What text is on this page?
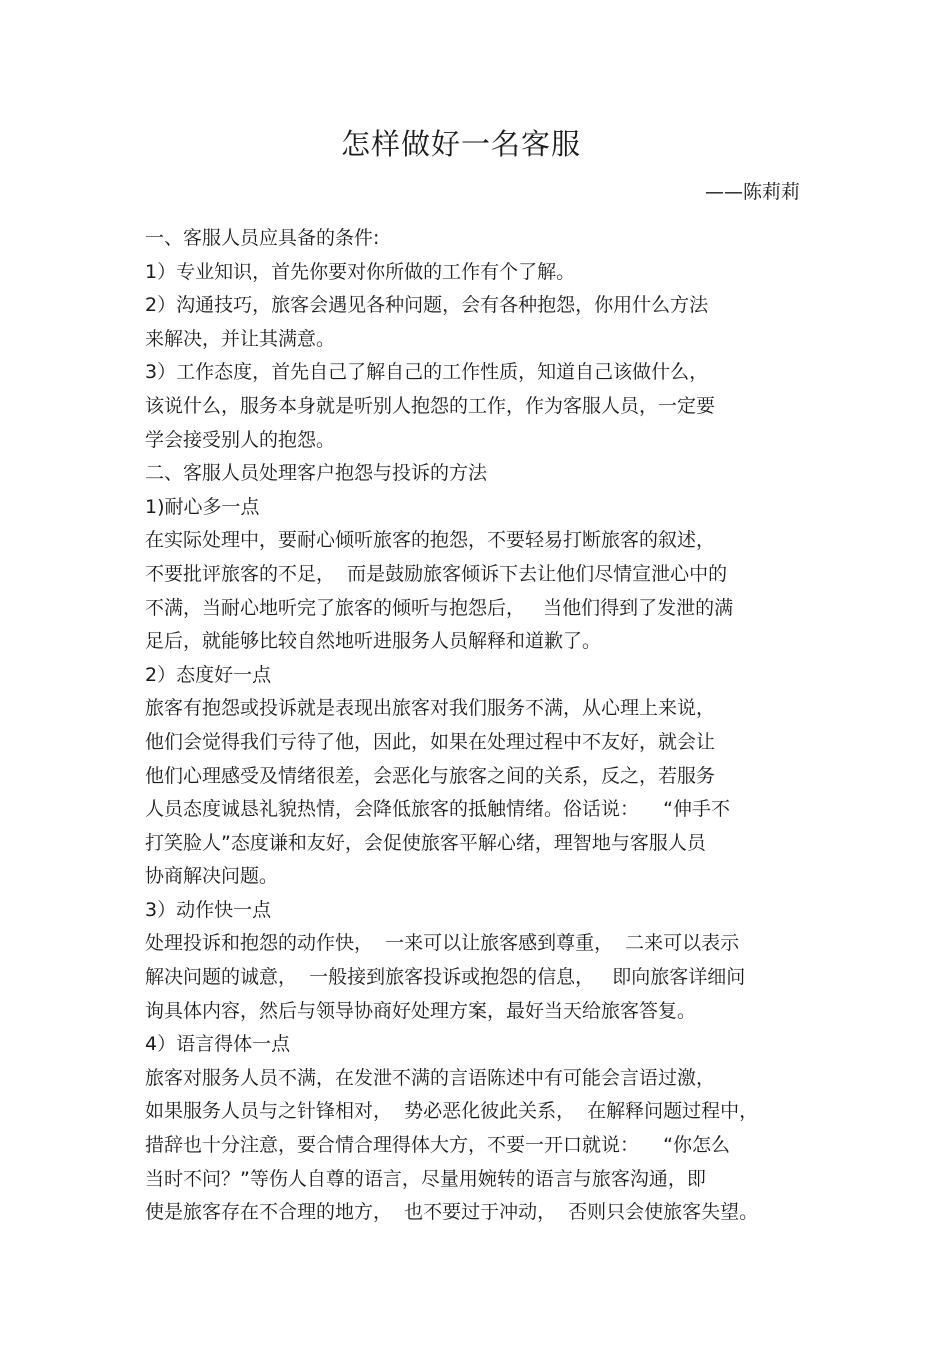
怎样做好一名客服
——陈莉莉
一、客服人员应具备的条件:
1）专业知识，首先你要对你所做的工作有个了解。
2）沟通技巧，旅客会遇见各种问题，会有各种抱怨，你用什么方法
来解决，并让其满意。
3）工作态度，首先自己了解自己的工作性质，知道自己该做什么，
该说什么，服务本身就是听别人抱怨的工作，作为客服人员，一定要
学会接受别人的抱怨。
二、客服人员处理客户抱怨与投诉的方法
1)耐心多一点
在实际处理中，要耐心倾听旅客的抱怨，不要轻易打断旅客的叙述，
不要批评旅客的不足，  而是鼓励旅客倾诉下去让他们尽情宣泄心中的
不满，当耐心地听完了旅客的倾听与抱怨后，   当他们得到了发泄的满
足后，就能够比较自然地听进服务人员解释和道歉了。
2）态度好一点
旅客有抱怨或投诉就是表现出旅客对我们服务不满，从心理上来说，
他们会觉得我们亏待了他，因此，如果在处理过程中不友好，就会让
他们心理感受及情绪很差，会恶化与旅客之间的关系，反之，若服务
人员态度诚恳礼貌热情，会降低旅客的抵触情绪。俗话说：    “伸手不
打笑脸人”态度谦和友好，会促使旅客平解心绪，理智地与客服人员
协商解决问题。
3）动作快一点
处理投诉和抱怨的动作快，  一来可以让旅客感到尊重，  二来可以表示
解决问题的诚意，  一般接到旅客投诉或抱怨的信息，   即向旅客详细问
询具体内容，然后与领导协商好处理方案，最好当天给旅客答复。
4）语言得体一点
旅客对服务人员不满，在发泄不满的言语陈述中有可能会言语过激，
如果服务人员与之针锋相对，  势必恶化彼此关系，  在解释问题过程中，
措辞也十分注意，要合情合理得体大方，不要一开口就说：    “你怎么
当时不问？”等伤人自尊的语言，尽量用婉转的语言与旅客沟通，即
使是旅客存在不合理的地方，  也不要过于冲动，  否则只会使旅客失望。
